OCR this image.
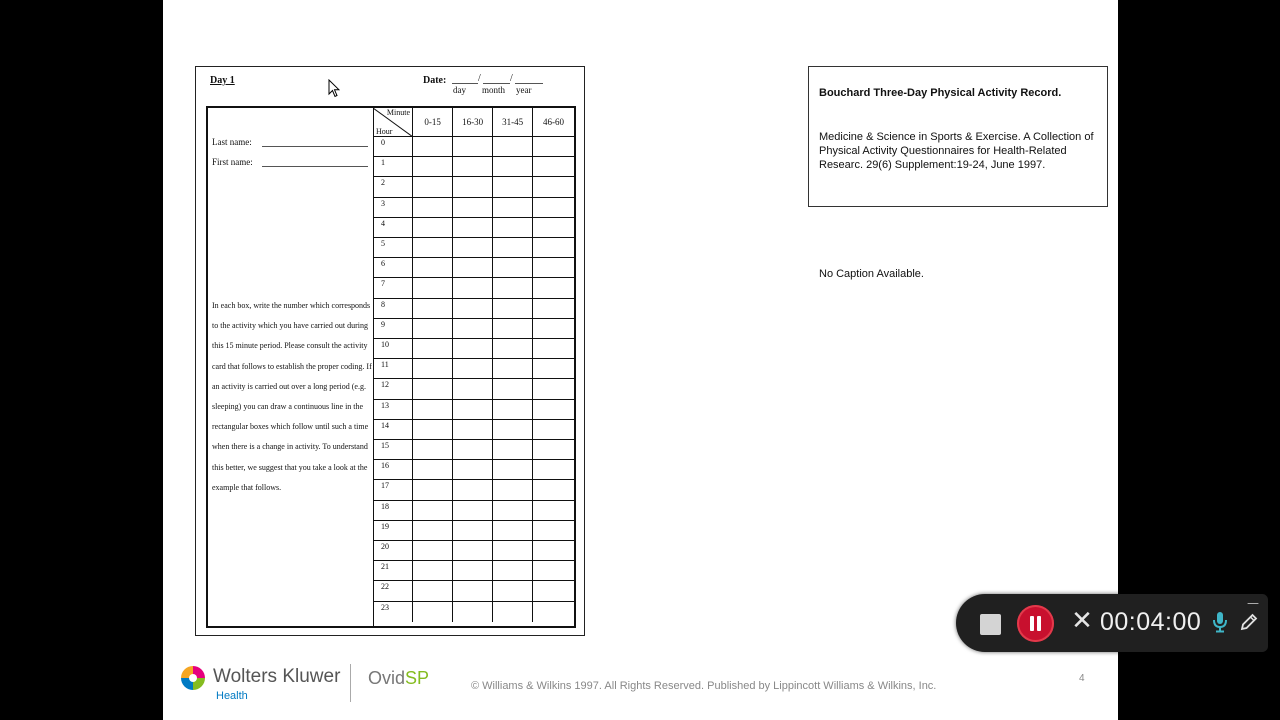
Day 1	Date:	/	/
day month year
Last name:
First name:
In each box, write the number which corresponds to the activity which you have carried out during this 15 minute period. Please consult the activity card that follows to establish the proper coding. If an activity is carried out over a long period (e.g. sleeping) you can draw a continuous line in the rectangular boxes which follow until such a time when there is a change in activity. To understand this better, we suggest that you take a look at the example that follows.
Minute
Hour
0-15	16-30	31-45	46-60
0
1
2
3
4
5
6
7
8
9
10
11
12
13
14
15
16
17
18
19
20
21
22
23
Bouchard Three-Day Physical Activity Record.
Medicine & Science in Sports & Exercise. A Collection of Physical Activity Questionnaires for Health-Related Researc. 29(6) Supplement:19-24, June 1997.
No Caption Available.
Wolters Kluwer
Health
OvidSP	© Williams & Wilkins 1997. All Rights Reserved. Published by Lippincott Williams & Wilkins, Inc.
4
✕ 00:04:00
—
